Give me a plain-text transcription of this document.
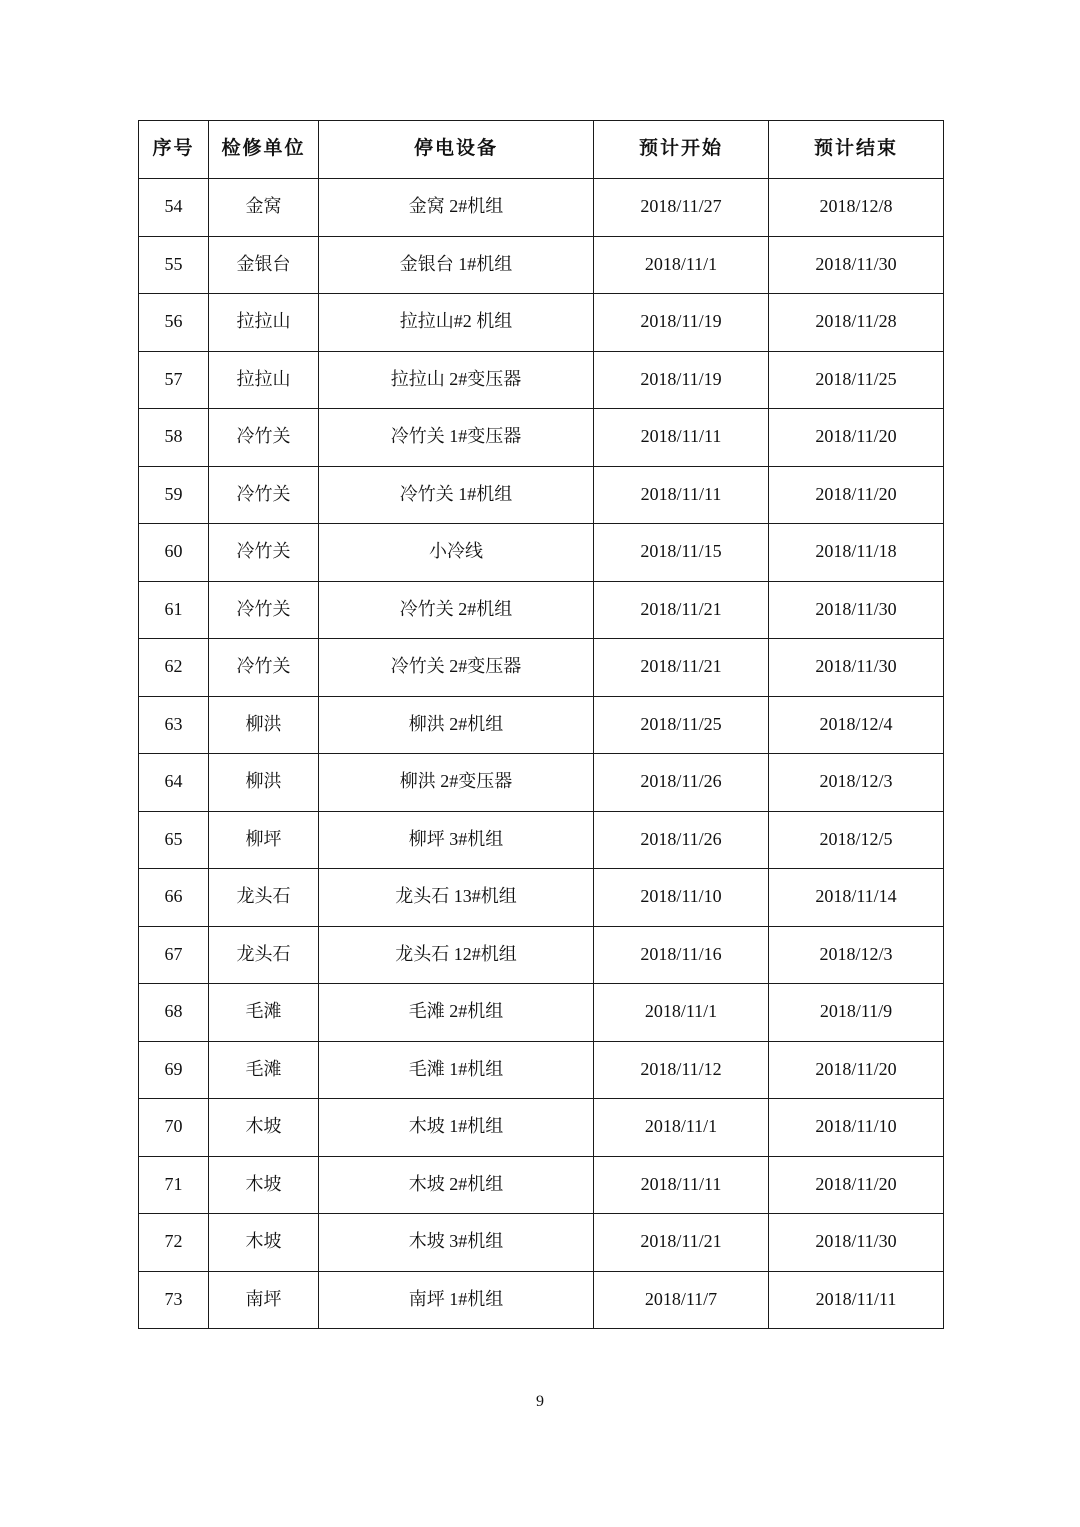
序号	检修单位	停电设备	预计开始	预计结束
54	金窝	金窝 2#机组	2018/11/27	2018/12/8
55	金银台	金银台 1#机组	2018/11/1	2018/11/30
56	拉拉山	拉拉山#2 机组	2018/11/19	2018/11/28
57	拉拉山	拉拉山 2#变压器	2018/11/19	2018/11/25
58	冷竹关	冷竹关 1#变压器	2018/11/11	2018/11/20
59	冷竹关	冷竹关 1#机组	2018/11/11	2018/11/20
60	冷竹关	小冷线	2018/11/15	2018/11/18
61	冷竹关	冷竹关 2#机组	2018/11/21	2018/11/30
62	冷竹关	冷竹关 2#变压器	2018/11/21	2018/11/30
63	柳洪	柳洪 2#机组	2018/11/25	2018/12/4
64	柳洪	柳洪 2#变压器	2018/11/26	2018/12/3
65	柳坪	柳坪 3#机组	2018/11/26	2018/12/5
66	龙头石	龙头石 13#机组	2018/11/10	2018/11/14
67	龙头石	龙头石 12#机组	2018/11/16	2018/12/3
68	毛滩	毛滩 2#机组	2018/11/1	2018/11/9
69	毛滩	毛滩 1#机组	2018/11/12	2018/11/20
70	木坡	木坡 1#机组	2018/11/1	2018/11/10
71	木坡	木坡 2#机组	2018/11/11	2018/11/20
72	木坡	木坡 3#机组	2018/11/21	2018/11/30
73	南坪	南坪 1#机组	2018/11/7	2018/11/11
9
